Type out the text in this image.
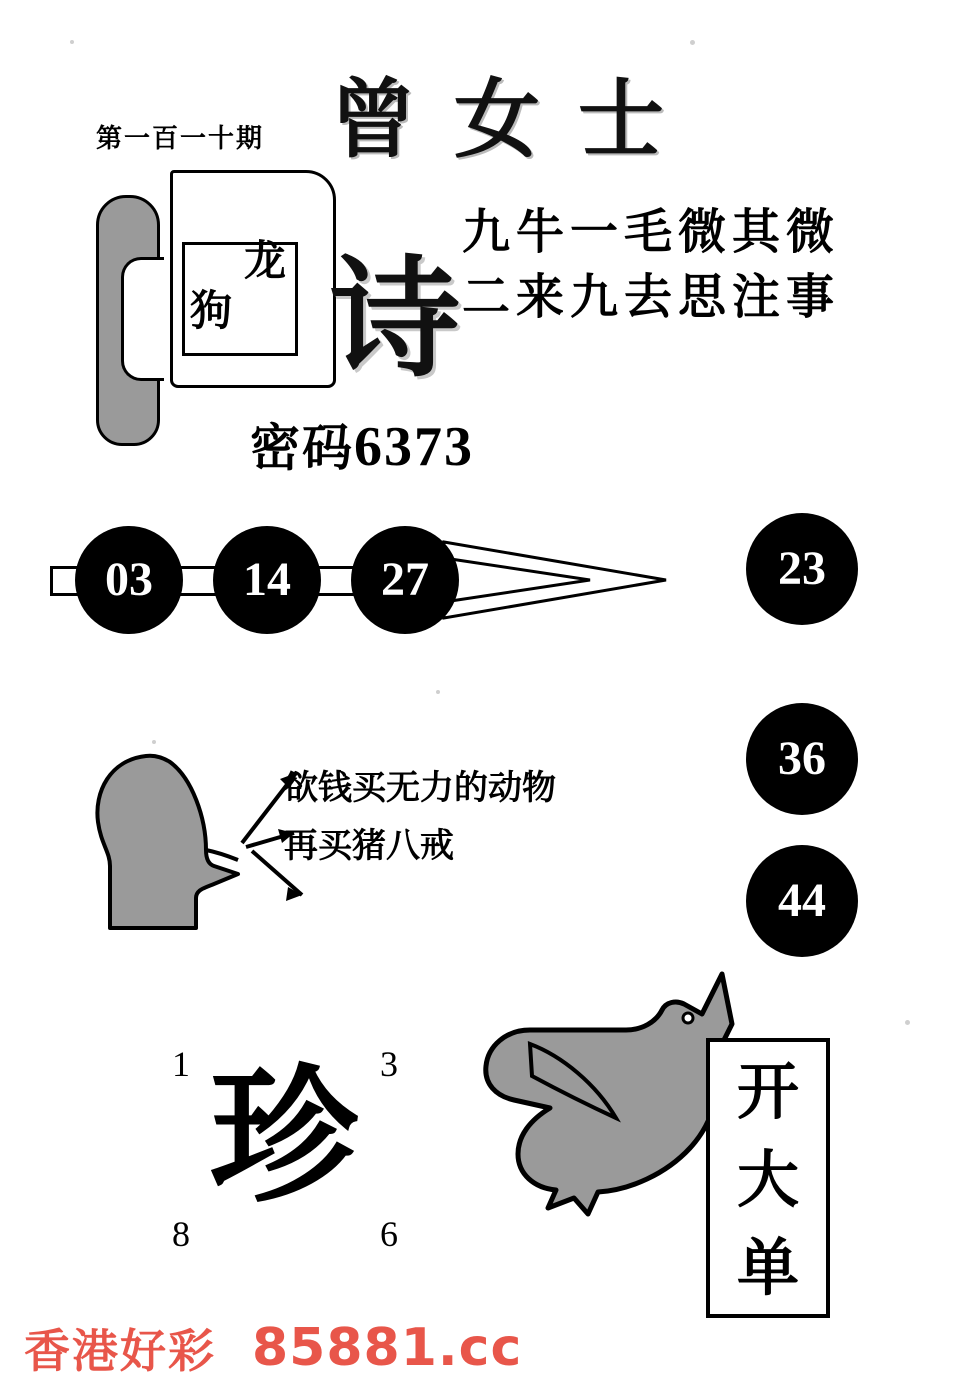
第一百一十期 曾女士
龙
狗 诗
九牛一毛微其微
二来九去思注事
密码6373
03	14	27	23
36
44
欲钱买无力的动物
再买猪八戒
1	3
8	6
珍	开
大
单
香港好彩 85881.cc
